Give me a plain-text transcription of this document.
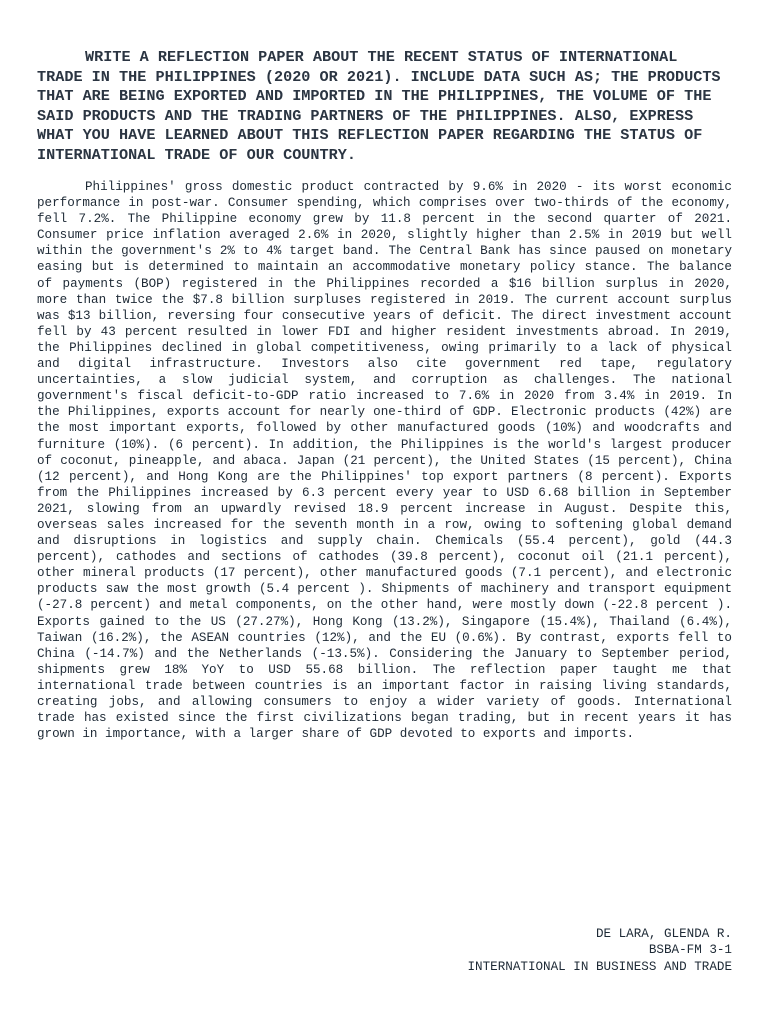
WRITE A REFLECTION PAPER ABOUT THE RECENT STATUS OF INTERNATIONAL TRADE IN THE PHILIPPINES (2020 OR 2021). INCLUDE DATA SUCH AS; THE PRODUCTS THAT ARE BEING EXPORTED AND IMPORTED IN THE PHILIPPINES, THE VOLUME OF THE SAID PRODUCTS AND THE TRADING PARTNERS OF THE PHILIPPINES. ALSO, EXPRESS WHAT YOU HAVE LEARNED ABOUT THIS REFLECTION PAPER REGARDING THE STATUS OF INTERNATIONAL TRADE OF OUR COUNTRY.

Philippines' gross domestic product contracted by 9.6% in 2020 - its worst economic performance in post-war. Consumer spending, which comprises over two-thirds of the economy, fell 7.2%. The Philippine economy grew by 11.8 percent in the second quarter of 2021. Consumer price inflation averaged 2.6% in 2020, slightly higher than 2.5% in 2019 but well within the government's 2% to 4% target band. The Central Bank has since paused on monetary easing but is determined to maintain an accommodative monetary policy stance. The balance of payments (BOP) registered in the Philippines recorded a $16 billion surplus in 2020, more than twice the $7.8 billion surpluses registered in 2019. The current account surplus was $13 billion, reversing four consecutive years of deficit. The direct investment account fell by 43 percent resulted in lower FDI and higher resident investments abroad. In 2019, the Philippines declined in global competitiveness, owing primarily to a lack of physical and digital infrastructure. Investors also cite government red tape, regulatory uncertainties, a slow judicial system, and corruption as challenges. The national government's fiscal deficit-to-GDP ratio increased to 7.6% in 2020 from 3.4% in 2019. In the Philippines, exports account for nearly one-third of GDP. Electronic products (42%) are the most important exports, followed by other manufactured goods (10%) and woodcrafts and furniture (10%). (6 percent). In addition, the Philippines is the world's largest producer of coconut, pineapple, and abaca. Japan (21 percent), the United States (15 percent), China (12 percent), and Hong Kong are the Philippines' top export partners (8 percent). Exports from the Philippines increased by 6.3 percent every year to USD 6.68 billion in September 2021, slowing from an upwardly revised 18.9 percent increase in August. Despite this, overseas sales increased for the seventh month in a row, owing to softening global demand and disruptions in logistics and supply chain. Chemicals (55.4 percent), gold (44.3 percent), cathodes and sections of cathodes (39.8 percent), coconut oil (21.1 percent), other mineral products (17 percent), other manufactured goods (7.1 percent), and electronic products saw the most growth (5.4 percent ). Shipments of machinery and transport equipment (-27.8 percent) and metal components, on the other hand, were mostly down (-22.8 percent ). Exports gained to the US (27.27%), Hong Kong (13.2%), Singapore (15.4%), Thailand (6.4%), Taiwan (16.2%), the ASEAN countries (12%), and the EU (0.6%). By contrast, exports fell to China (-14.7%) and the Netherlands (-13.5%). Considering the January to September period, shipments grew 18% YoY to USD 55.68 billion. The reflection paper taught me that international trade between countries is an important factor in raising living standards, creating jobs, and allowing consumers to enjoy a wider variety of goods. International trade has existed since the first civilizations began trading, but in recent years it has grown in importance, with a larger share of GDP devoted to exports and imports.

DE LARA, GLENDA R.
BSBA-FM 3-1
INTERNATIONAL IN BUSINESS AND TRADE
